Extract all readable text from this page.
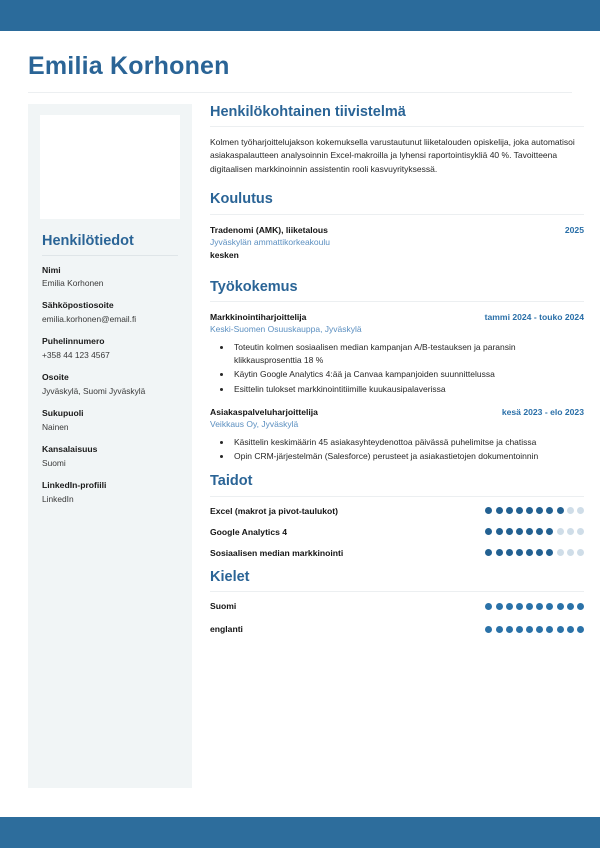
Emilia Korhonen
Henkilötiedot
Nimi
Emilia Korhonen
Sähköpostiosoite
emilia.korhonen@email.fi
Puhelinnumero
+358 44 123 4567
Osoite
Jyväskylä, Suomi Jyväskylä
Sukupuoli
Nainen
Kansalaisuus
Suomi
LinkedIn-profiili
LinkedIn
Henkilökohtainen tiivistelmä

Kolmen työharjoittelujakson kokemuksella varustautunut liiketalouden opiskelija, joka automatisoi asiakaspalautteen analysoinnin Excel-makroilla ja lyhensi raportointisykliä 40 %. Tavoitteena digitaalisen markkinoinnin assistentin rooli kasvuyrityksessä.

Koulutus
Tradenomi (AMK), liiketalous	2025
Jyväskylän ammattikorkeakoulu
kesken
Työkokemus
Markkinointiharjoittelija	tammi 2024 - touko 2024
Keski-Suomen Osuuskauppa, Jyväskylä
• Toteutin kolmen sosiaalisen median kampanjan A/B-testauksen ja paransin klikkausprosenttia 18 %
• Käytin Google Analytics 4:ää ja Canvaa kampanjoiden suunnittelussa
• Esittelin tulokset markkinointitiimille kuukausipalaverissa
Asiakaspalveluharjoittelija	kesä 2023 - elo 2023
Veikkaus Oy, Jyväskylä
• Käsittelin keskimäärin 45 asiakasyhteydenottoa päivässä puhelimitse ja chatissa
• Opin CRM-järjestelmän (Salesforce) perusteet ja asiakastietojen dokumentoinnin
Taidot
Excel (makrot ja pivot-taulukot)
Google Analytics 4
Sosiaalisen median markkinointi
Kielet
Suomi
englanti
